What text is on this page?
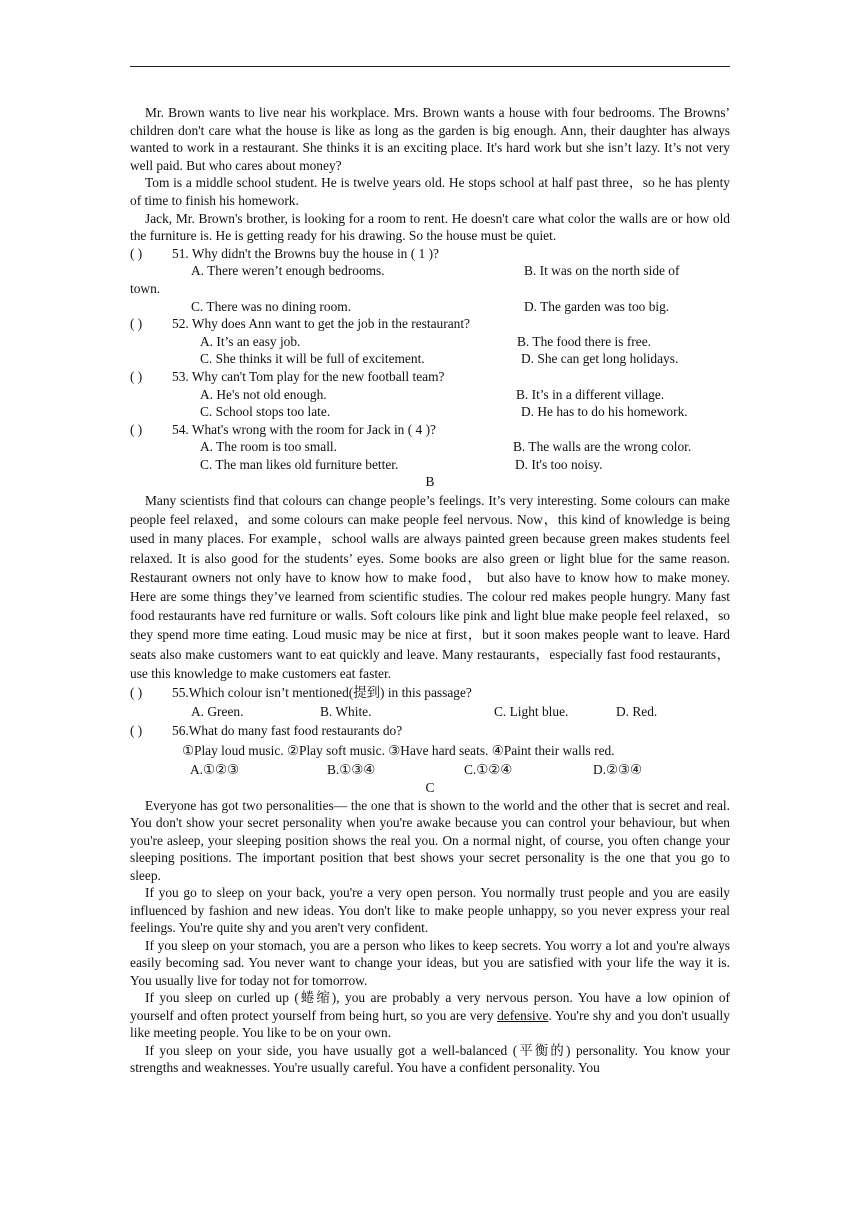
Mr. Brown wants to live near his workplace. Mrs. Brown wants a house with four bedrooms. The Browns’ children don't care what the house is like as long as the garden is big enough. Ann, their daughter has always wanted to work in a restaurant. She thinks it is an exciting place. It's hard work but she isn’t lazy. It’s not very well paid. But who cares about money?

Tom is a middle school student. He is twelve years old. He stops school at half past three，so he has plenty of time to finish his homework.

Jack, Mr. Brown's brother, is looking for a room to rent. He doesn't care what color the walls are or how old the furniture is. He is getting ready for his drawing. So the house must be quiet.

( ) 51. Why didn't the Browns buy the house in ( 1 )?

A. There weren’t enough bedrooms.	B. It was on the north side of

town.

C. There was no dining room.	D. The garden was too big.

( ) 52. Why does Ann want to get the job in the restaurant?

A. It’s an easy job.	B. The food there is free.
C. She thinks it will be full of excitement.	D. She can get long holidays.

( ) 53. Why can't Tom play for the new football team?

A. He's not old enough.	B. It’s in a different village.
C. School stops too late.	D. He has to do his homework.

( ) 54. What's wrong with the room for Jack in ( 4 )?

A. The room is too small.	B. The walls are the wrong color.
C. The man likes old furniture better.	D. It's too noisy.

B

Many scientists find that colours can change people’s feelings. It’s very interesting. Some colours can make people feel relaxed，and some colours can make people feel nervous. Now，this kind of knowledge is being used in many places. For example，school walls are always painted green because green makes students feel relaxed. It is also good for the students’ eyes. Some books are also green or light blue for the same reason. Restaurant owners not only have to know how to make food， but also have to know how to make money. Here are some things they’ve learned from scientific studies. The colour red makes people hungry. Many fast food restaurants have red furniture or walls. Soft colours like pink and light blue make people feel relaxed，so they spend more time eating. Loud music may be nice at first，but it soon makes people want to leave. Hard seats also make customers want to eat quickly and leave. Many restaurants，especially fast food restaurants，use this knowledge to make customers eat faster.

( ) 55.Which colour isn’t mentioned(提到) in this passage?

A. Green.	B. White.	C. Light blue.	D. Red.

( ) 56.What do many fast food restaurants do?

①Play loud music. ②Play soft music. ③Have hard seats. ④Paint their walls red.

A.①②③	B.①③④	C.①②④	D.②③④

C

Everyone has got two personalities— the one that is shown to the world and the other that is secret and real. You don't show your secret personality when you're awake because you can control your behaviour, but when you're asleep, your sleeping position shows the real you. On a normal night, of course, you often change your sleeping positions. The important position that best shows your secret personality is the one that you go to sleep.

If you go to sleep on your back, you're a very open person. You normally trust people and you are easily influenced by fashion and new ideas. You don't like to make people unhappy, so you never express your real feelings. You're quite shy and you aren't very confident.

If you sleep on your stomach, you are a person who likes to keep secrets. You worry a lot and you're always easily becoming sad. You never want to change your ideas, but you are satisfied with your life the way it is. You usually live for today not for tomorrow.

If you sleep on curled up (蜷缩), you are probably a very nervous person. You have a low opinion of yourself and often protect yourself from being hurt, so you are very defensive. You're shy and you don't usually like meeting people. You like to be on your own.

If you sleep on your side, you have usually got a well-balanced (平衡的) personality. You know your strengths and weaknesses. You're usually careful. You have a confident personality. You
